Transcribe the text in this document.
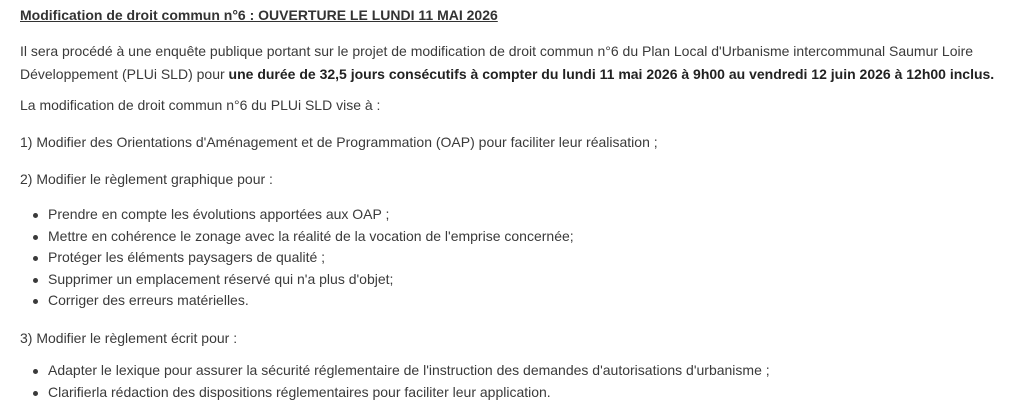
Modification de droit commun n°6 : OUVERTURE LE LUNDI 11 MAI 2026

Il sera procédé à une enquête publique portant sur le projet de modification de droit commun n°6 du Plan Local d'Urbanisme intercommunal Saumur Loire Développement (PLUi SLD) pour une durée de 32,5 jours consécutifs à compter du lundi 11 mai 2026 à 9h00 au vendredi 12 juin 2026 à 12h00 inclus.

La modification de droit commun n°6 du PLUi SLD vise à :
1) Modifier des Orientations d'Aménagement et de Programmation (OAP) pour faciliter leur réalisation ;
2) Modifier le règlement graphique pour :
Prendre en compte les évolutions apportées aux OAP ;
Mettre en cohérence le zonage avec la réalité de la vocation de l'emprise concernée;
Protéger les éléments paysagers de qualité ;
Supprimer un emplacement réservé qui n'a plus d'objet;
Corriger des erreurs matérielles.
3) Modifier le règlement écrit pour :
Adapter le lexique pour assurer la sécurité réglementaire de l'instruction des demandes d'autorisations d'urbanisme ;
Clarifierla rédaction des dispositions réglementaires pour faciliter leur application.
